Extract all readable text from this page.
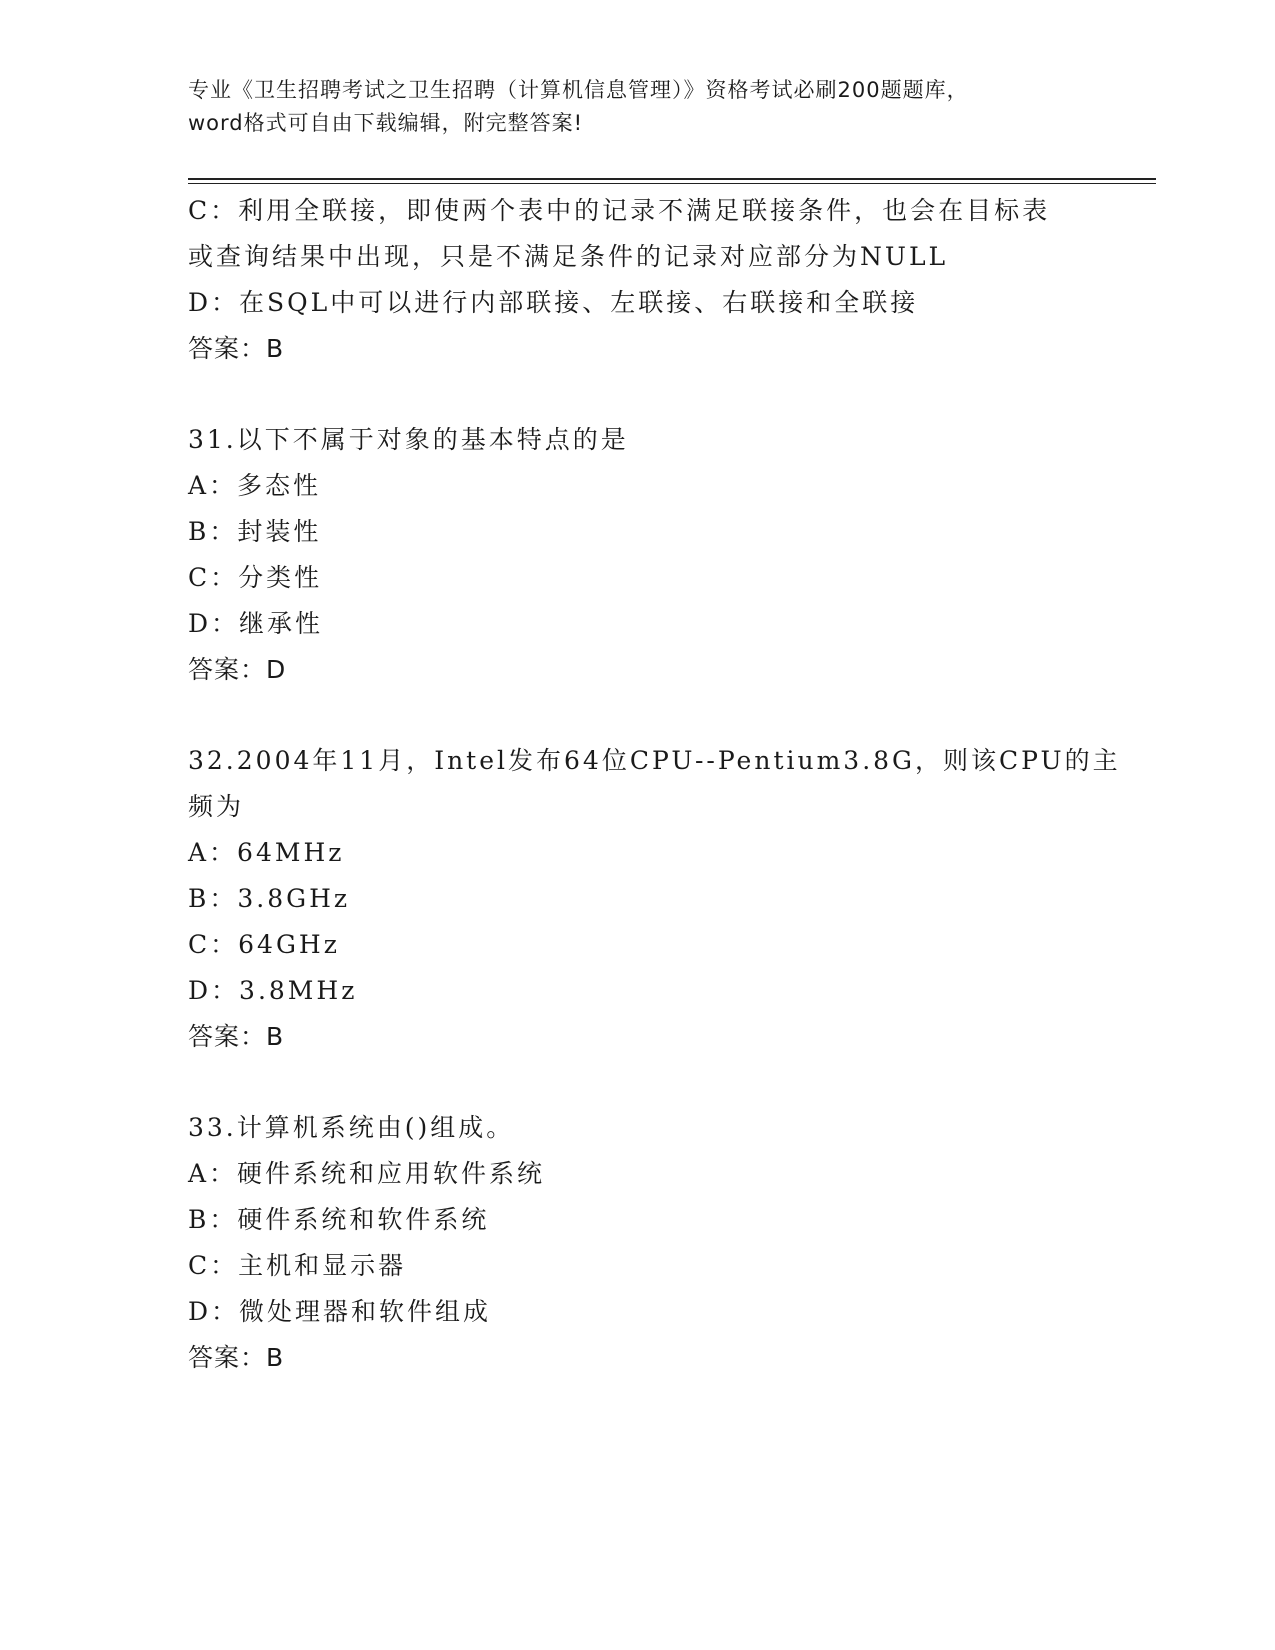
专业《卫生招聘考试之卫生招聘（计算机信息管理）》资格考试必刷200题题库，
word格式可自由下载编辑，附完整答案!
C：利用全联接，即使两个表中的记录不满足联接条件，也会在目标表
或查询结果中出现，只是不满足条件的记录对应部分为NULL
D：在SQL中可以进行内部联接、左联接、右联接和全联接
答案：B
31.以下不属于对象的基本特点的是
A：多态性
B：封装性
C：分类性
D：继承性
答案：D
32.2004年11月，Intel发布64位CPU--Pentium3.8G，则该CPU的主
频为
A：64MHz
B：3.8GHz
C：64GHz
D：3.8MHz
答案：B
33.计算机系统由()组成。
A：硬件系统和应用软件系统
B：硬件系统和软件系统
C：主机和显示器
D：微处理器和软件组成
答案：B
